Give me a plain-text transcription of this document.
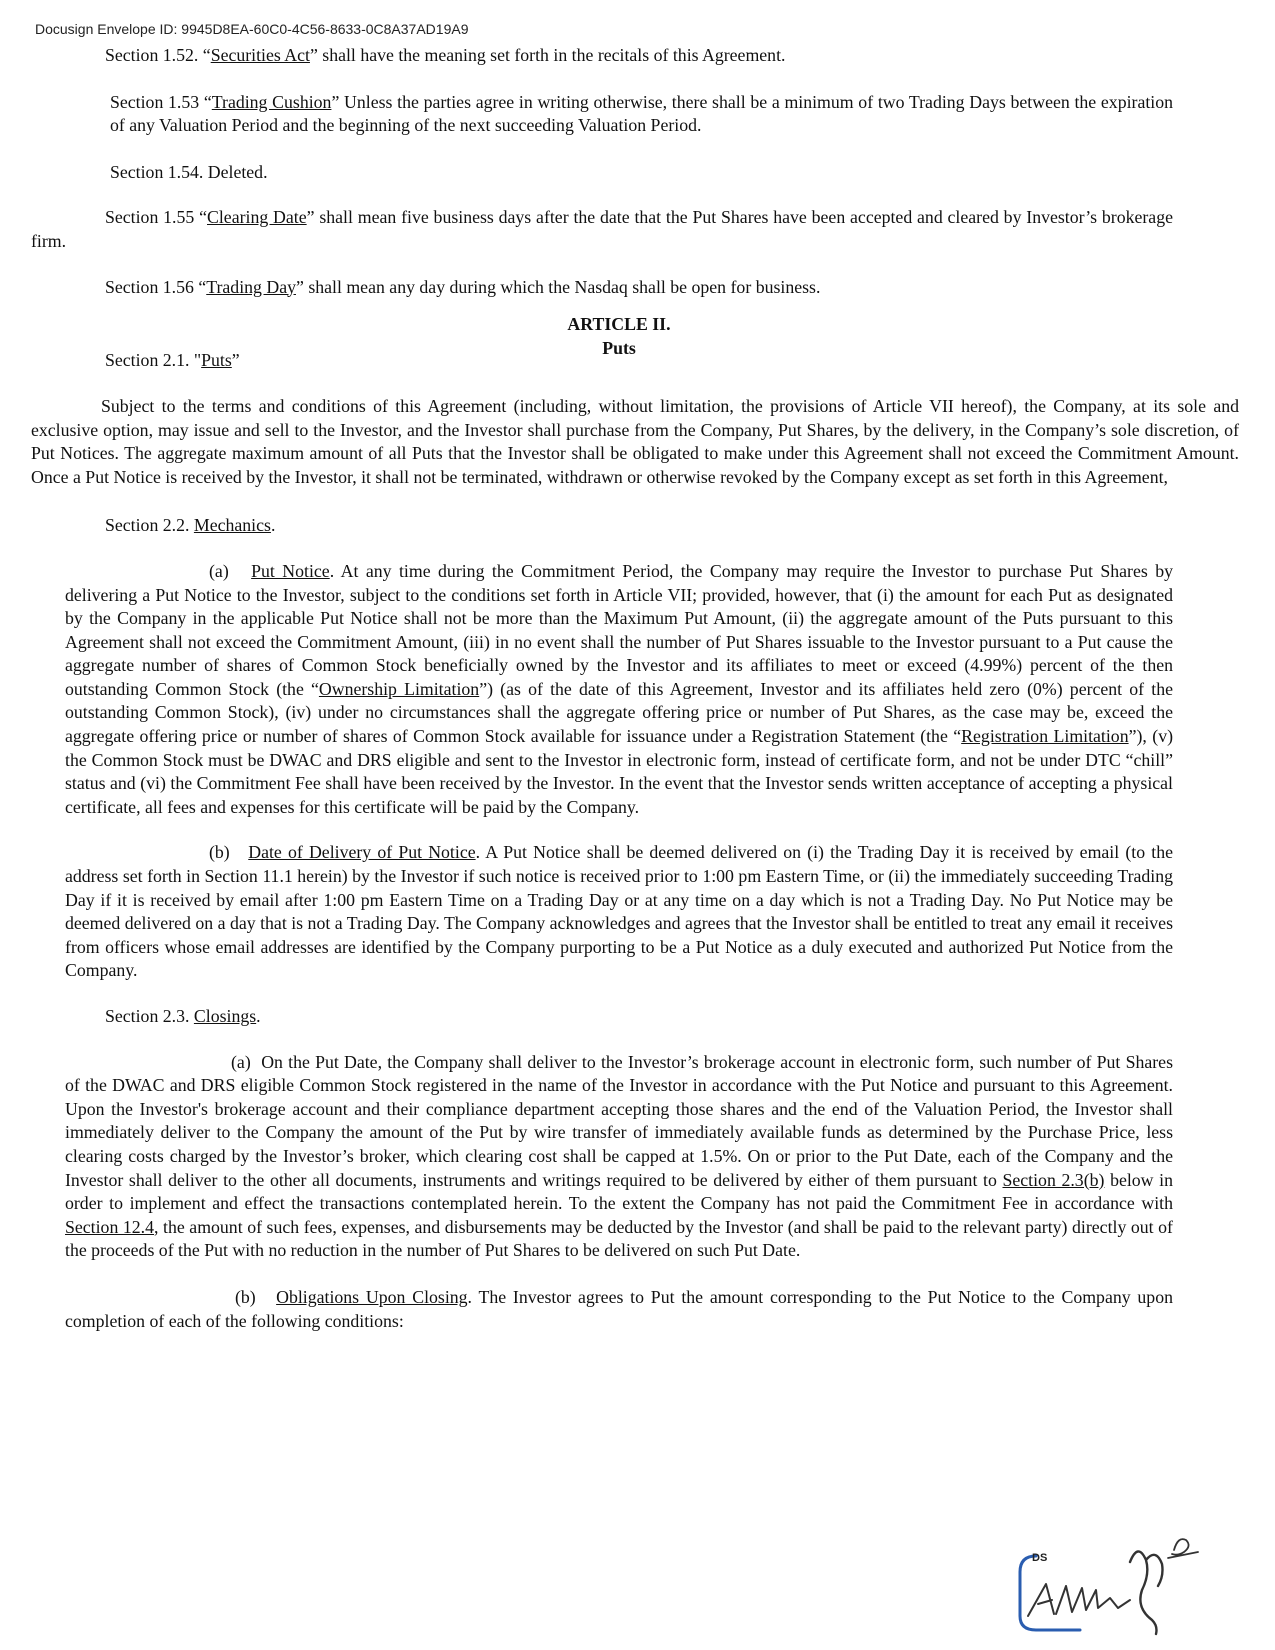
Docusign Envelope ID: 9945D8EA-60C0-4C56-8633-0C8A37AD19A9

Section 1.52. “Securities Act” shall have the meaning set forth in the recitals of this Agreement.

Section 1.53 “Trading Cushion” Unless the parties agree in writing otherwise, there shall be a minimum of two Trading Days between the expiration of any Valuation Period and the beginning of the next succeeding Valuation Period.

Section 1.54. Deleted.

Section 1.55 “Clearing Date” shall mean five business days after the date that the Put Shares have been accepted and cleared by Investor’s brokerage firm.

Section 1.56 “Trading Day” shall mean any day during which the Nasdaq shall be open for business.

ARTICLE II.
Puts

Section 2.1. "Puts”

Subject to the terms and conditions of this Agreement (including, without limitation, the provisions of Article VII hereof), the Company, at its sole and exclusive option, may issue and sell to the Investor, and the Investor shall purchase from the Company, Put Shares, by the delivery, in the Company’s sole discretion, of Put Notices. The aggregate maximum amount of all Puts that the Investor shall be obligated to make under this Agreement shall not exceed the Commitment Amount. Once a Put Notice is received by the Investor, it shall not be terminated, withdrawn or otherwise revoked by the Company except as set forth in this Agreement,

Section 2.2. Mechanics.

(a) Put Notice. At any time during the Commitment Period, the Company may require the Investor to purchase Put Shares by delivering a Put Notice to the Investor, subject to the conditions set forth in Article VII; provided, however, that (i) the amount for each Put as designated by the Company in the applicable Put Notice shall not be more than the Maximum Put Amount, (ii) the aggregate amount of the Puts pursuant to this Agreement shall not exceed the Commitment Amount, (iii) in no event shall the number of Put Shares issuable to the Investor pursuant to a Put cause the aggregate number of shares of Common Stock beneficially owned by the Investor and its affiliates to meet or exceed (4.99%) percent of the then outstanding Common Stock (the “Ownership Limitation”) (as of the date of this Agreement, Investor and its affiliates held zero (0%) percent of the outstanding Common Stock), (iv) under no circumstances shall the aggregate offering price or number of Put Shares, as the case may be, exceed the aggregate offering price or number of shares of Common Stock available for issuance under a Registration Statement (the “Registration Limitation”), (v) the Common Stock must be DWAC and DRS eligible and sent to the Investor in electronic form, instead of certificate form, and not be under DTC “chill” status and (vi) the Commitment Fee shall have been received by the Investor. In the event that the Investor sends written acceptance of accepting a physical certificate, all fees and expenses for this certificate will be paid by the Company.

(b) Date of Delivery of Put Notice. A Put Notice shall be deemed delivered on (i) the Trading Day it is received by email (to the address set forth in Section 11.1 herein) by the Investor if such notice is received prior to 1:00 pm Eastern Time, or (ii) the immediately succeeding Trading Day if it is received by email after 1:00 pm Eastern Time on a Trading Day or at any time on a day which is not a Trading Day. No Put Notice may be deemed delivered on a day that is not a Trading Day. The Company acknowledges and agrees that the Investor shall be entitled to treat any email it receives from officers whose email addresses are identified by the Company purporting to be a Put Notice as a duly executed and authorized Put Notice from the Company.

Section 2.3. Closings.

(a) On the Put Date, the Company shall deliver to the Investor’s brokerage account in electronic form, such number of Put Shares of the DWAC and DRS eligible Common Stock registered in the name of the Investor in accordance with the Put Notice and pursuant to this Agreement. Upon the Investor's brokerage account and their compliance department accepting those shares and the end of the Valuation Period, the Investor shall immediately deliver to the Company the amount of the Put by wire transfer of immediately available funds as determined by the Purchase Price, less clearing costs charged by the Investor’s broker, which clearing cost shall be capped at 1.5%. On or prior to the Put Date, each of the Company and the Investor shall deliver to the other all documents, instruments and writings required to be delivered by either of them pursuant to Section 2.3(b) below in order to implement and effect the transactions contemplated herein. To the extent the Company has not paid the Commitment Fee in accordance with Section 12.4, the amount of such fees, expenses, and disbursements may be deducted by the Investor (and shall be paid to the relevant party) directly out of the proceeds of the Put with no reduction in the number of Put Shares to be delivered on such Put Date.

(b) Obligations Upon Closing. The Investor agrees to Put the amount corresponding to the Put Notice to the Company upon completion of each of the following conditions:

DS
